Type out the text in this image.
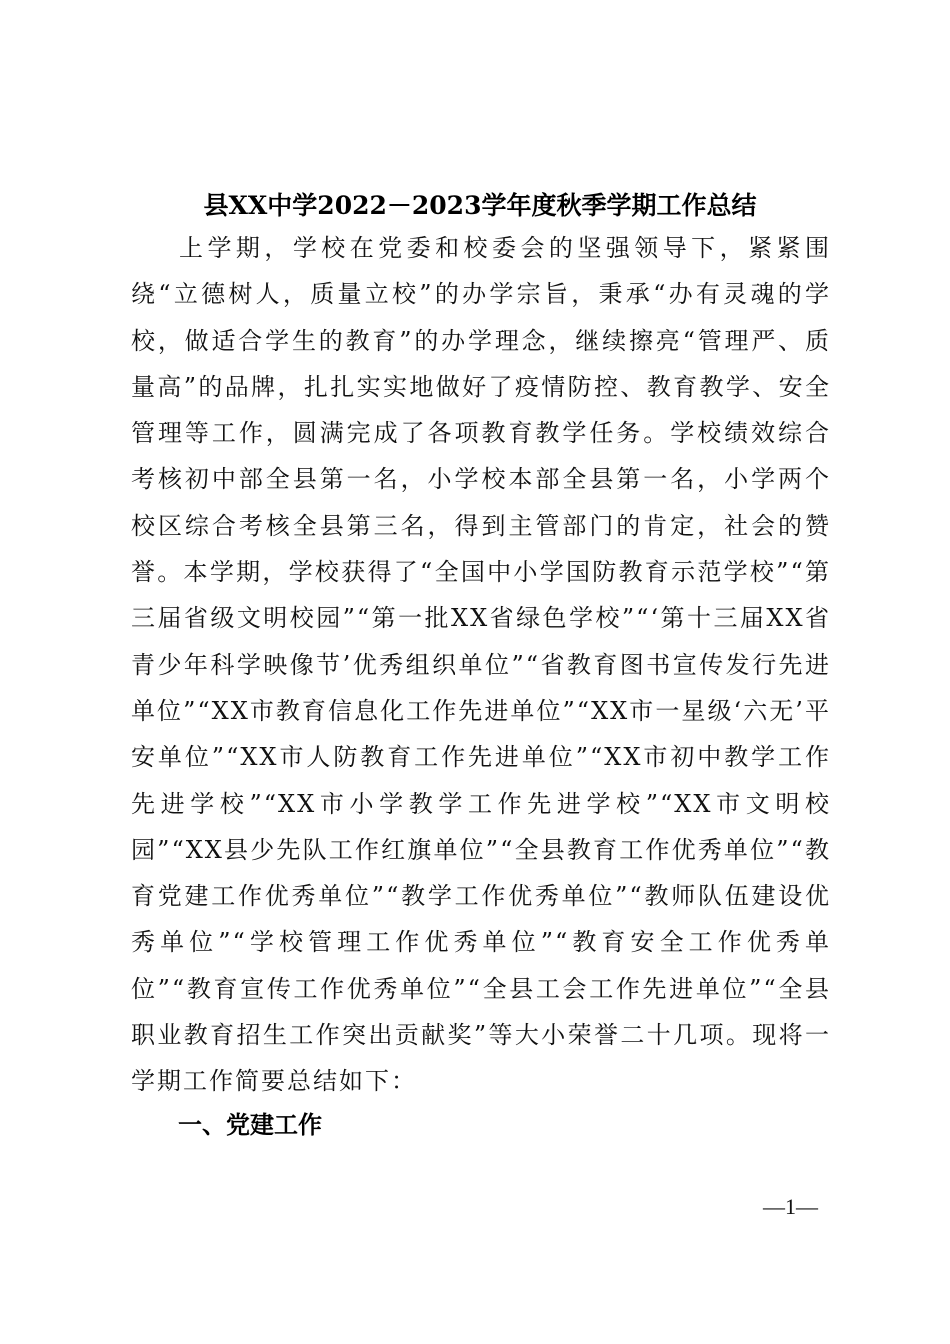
县XX中学2022－2023学年度秋季学期工作总结

上学期，学校在党委和校委会的坚强领导下，紧紧围绕“立德树人，质量立校”的办学宗旨，秉承“办有灵魂的学校，做适合学生的教育”的办学理念，继续擦亮“管理严、质量高”的品牌，扎扎实实地做好了疫情防控、教育教学、安全管理等工作，圆满完成了各项教育教学任务。学校绩效综合考核初中部全县第一名，小学校本部全县第一名，小学两个校区综合考核全县第三名，得到主管部门的肯定，社会的赞誉。本学期，学校获得了“全国中小学国防教育示范学校”“第三届省级文明校园”“第一批XX省绿色学校”“‘第十三届XX省青少年科学映像节’优秀组织单位”“省教育图书宣传发行先进单位”“XX市教育信息化工作先进单位”“XX市一星级‘六无’平安单位”“XX市人防教育工作先进单位”“XX市初中教学工作先进学校”“XX市小学教学工作先进学校”“XX市文明校园”“XX县少先队工作红旗单位”“全县教育工作优秀单位”“教育党建工作优秀单位”“教学工作优秀单位”“教师队伍建设优秀单位”“学校管理工作优秀单位”“教育安全工作优秀单位”“教育宣传工作优秀单位”“全县工会工作先进单位”“全县职业教育招生工作突出贡献奖”等大小荣誉二十几项。现将一学期工作简要总结如下：

一、党建工作

—1—
